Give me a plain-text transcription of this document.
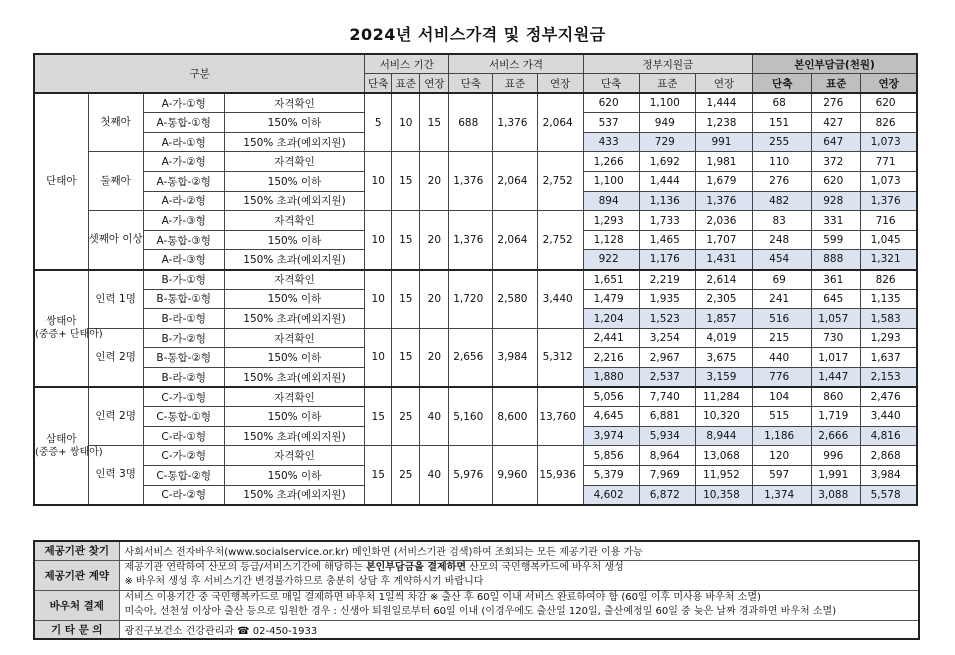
2024년 서비스가격 및 정부지원금
구분				서비스 기간			서비스 가격			정부지원금			본인부담금(천원)		
				단축	표준	연장	단축	표준	연장	단축	표준	연장	단축	표준	연장

단태아	첫째아	A-가-①형	자격확인	5	10	15	688	1,376	2,064	620	1,100	1,444	68	276	620
		A-통합-①형	150% 이하							537	949	1,238	151	427	826
		A-라-①형	150% 초과(예외지원)							433	729	991	255	647	1,073
	둘째아	A-가-②형	자격확인	10	15	20	1,376	2,064	2,752	1,266	1,692	1,981	110	372	771
		A-통합-②형	150% 이하							1,100	1,444	1,679	276	620	1,073
		A-라-②형	150% 초과(예외지원)							894	1,136	1,376	482	928	1,376
	셋째아 이상	A-가-③형	자격확인	10	15	20	1,376	2,064	2,752	1,293	1,733	2,036	83	331	716
		A-통합-③형	150% 이하							1,128	1,465	1,707	248	599	1,045
		A-라-③형	150% 초과(예외지원)							922	1,176	1,431	454	888	1,321

쌍태아
(중증+ 단태아)	인력 1명	B-가-①형	자격확인	10	15	20	1,720	2,580	3,440	1,651	2,219	2,614	69	361	826
		B-통합-①형	150% 이하							1,479	1,935	2,305	241	645	1,135
		B-라-①형	150% 초과(예외지원)							1,204	1,523	1,857	516	1,057	1,583
	인력 2명	B-가-②형	자격확인	10	15	20	2,656	3,984	5,312	2,441	3,254	4,019	215	730	1,293
		B-통합-②형	150% 이하							2,216	2,967	3,675	440	1,017	1,637
		B-라-②형	150% 초과(예외지원)							1,880	2,537	3,159	776	1,447	2,153

삼태아
(중증+ 쌍태아)	인력 2명	C-가-①형	자격확인	15	25	40	5,160	8,600	13,760	5,056	7,740	11,284	104	860	2,476
		C-통합-①형	150% 이하							4,645	6,881	10,320	515	1,719	3,440
		C-라-①형	150% 초과(예외지원)							3,974	5,934	8,944	1,186	2,666	4,816
	인력 3명	C-가-②형	자격확인	15	25	40	5,976	9,960	15,936	5,856	8,964	13,068	120	996	2,868
		C-통합-②형	150% 이하							5,379	7,969	11,952	597	1,991	3,984
		C-라-②형	150% 초과(예외지원)							4,602	6,872	10,358	1,374	3,088	5,578
제공기관 찾기	사회서비스 전자바우처(www.socialservice.or.kr) 메인화면 (서비스기관 검색)하여 조회되는 모든 제공기관 이용 가능
제공기관 계약	제공기관 연락하여 산모의 등급/서비스기간에 해당하는 본인부담금을 결제하면 산모의 국민행복카드에 바우처 생성
※ 바우처 생성 후 서비스기간 변경불가하므로 충분히 상담 후 계약하시기 바랍니다

바우처 결제	서비스 이용기간 중 국민행복카드로 매일 결제하면 바우처 1일씩 차감 ※ 출산 후 60일 이내 서비스 완료하여야 함 (60일 이후 미사용 바우처 소멸)
미숙아, 선천성 이상아 출산 등으로 입원한 경우 : 신생아 퇴원일로부터 60일 이내 (이경우에도 출산일 120일, 출산예정일 60일 중 늦은 날짜 경과하면 바우처 소멸)

기 타 문 의	광진구보건소 건강관리과 ☎ 02-450-1933
